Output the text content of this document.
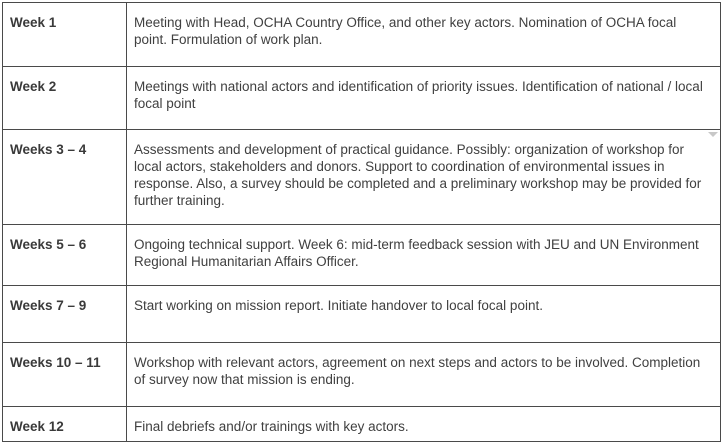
Week 1	Meeting with Head, OCHA Country Office, and other key actors. Nomination of OCHA focal point. Formulation of work plan.
Week 2	Meetings with national actors and identification of priority issues. Identification of national / local focal point
Weeks 3 – 4	Assessments and development of practical guidance. Possibly: organization of workshop for local actors, stakeholders and donors. Support to coordination of environmental issues in response. Also, a survey should be completed and a preliminary workshop may be provided for further training.

Weeks 5 – 6	Ongoing technical support. Week 6: mid-term feedback session with JEU and UN Environment Regional Humanitarian Affairs Officer.
Weeks 7 – 9	Start working on mission report. Initiate handover to local focal point.
Weeks 10 – 11	Workshop with relevant actors, agreement on next steps and actors to be involved. Completion of survey now that mission is ending.
Week 12	Final debriefs and/or trainings with key actors.
